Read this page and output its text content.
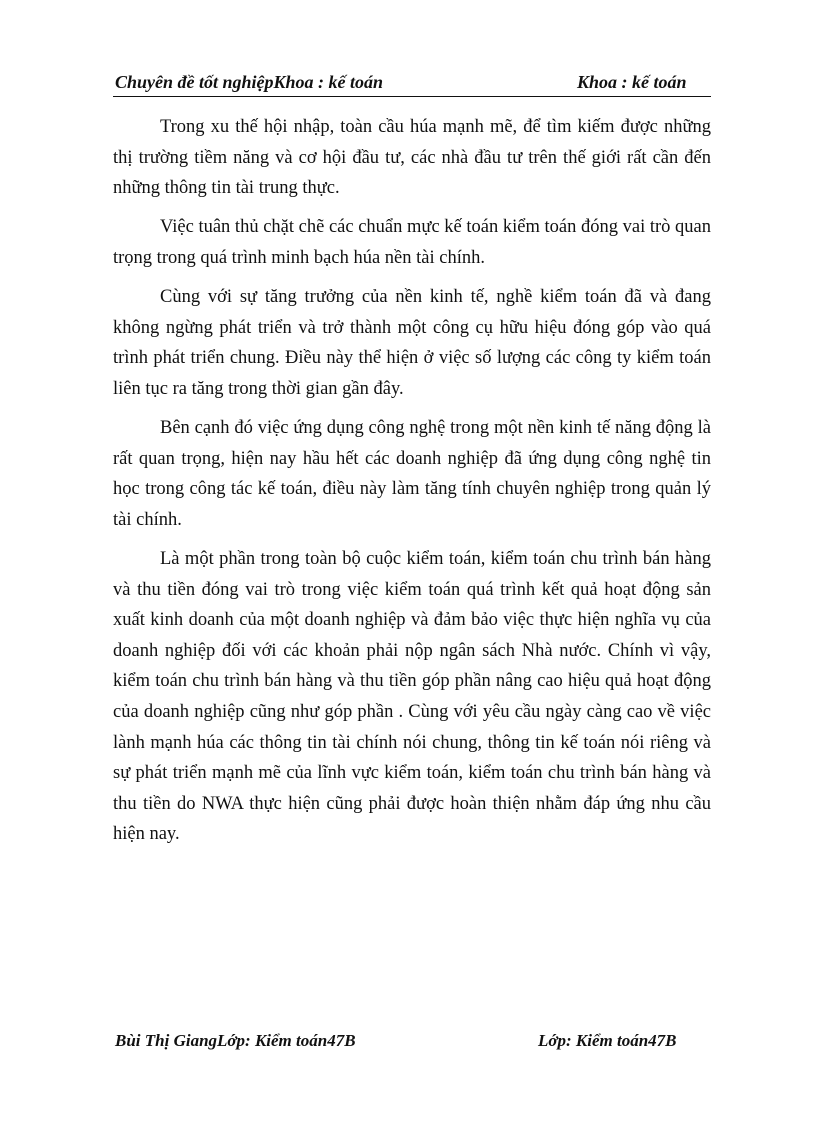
Chuyên đề tốt nghiệpKhoa : kế toán	Khoa : kế toán

Trong xu thế hội nhập, toàn cầu húa mạnh mẽ, để tìm kiếm được những thị trường tiềm năng và cơ hội đầu tư, các nhà đầu tư trên thế giới rất cần đến những thông tin tài trung thực.

Việc tuân thủ chặt chẽ các chuẩn mực kế toán kiểm toán đóng vai trò quan trọng trong quá trình minh bạch húa nền tài chính.

Cùng với sự tăng trưởng của nền kinh tế, nghề kiểm toán đã và đang không ngừng phát triển và trở thành một công cụ hữu hiệu đóng góp vào quá trình phát triển chung. Điều này thể hiện ở việc số lượng các công ty kiểm toán liên tục ra tăng trong thời gian gần đây.

Bên cạnh đó việc ứng dụng công nghệ trong một nền kinh tế năng động là rất quan trọng, hiện nay hầu hết các doanh nghiệp đã ứng dụng công nghệ tin học trong công tác kế toán, điều này làm tăng tính chuyên nghiệp trong quản lý tài chính.

Là một phần trong toàn bộ cuộc kiểm toán, kiểm toán chu trình bán hàng và thu tiền đóng vai trò trong việc kiểm toán quá trình kết quả hoạt động sản xuất kinh doanh của một doanh nghiệp và đảm bảo việc thực hiện nghĩa vụ của doanh nghiệp đối với các khoản phải nộp ngân sách Nhà nước. Chính vì vậy, kiểm toán chu trình bán hàng và thu tiền góp phần nâng cao hiệu quả hoạt động của doanh nghiệp cũng như góp phần . Cùng với yêu cầu ngày càng cao về việc lành mạnh húa các thông tin tài chính nói chung, thông tin kế toán nói riêng và sự phát triển mạnh mẽ của lĩnh vực kiểm toán, kiểm toán chu trình bán hàng và thu tiền do NWA thực hiện cũng phải được hoàn thiện nhằm đáp ứng nhu cầu hiện nay.

Bùi Thị GiangLớp: Kiểm toán47B	Lớp: Kiểm toán47B
